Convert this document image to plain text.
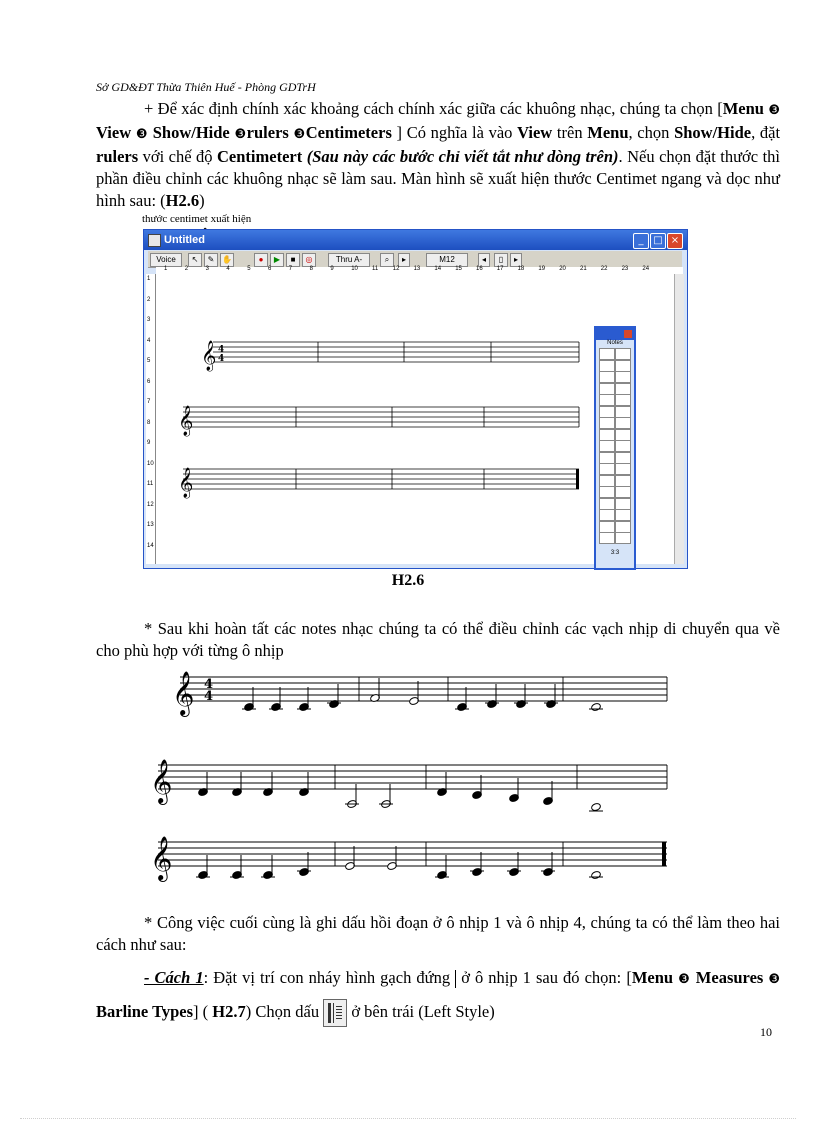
Sở GD&ĐT Thừa Thiên Huế - Phòng GDTrH
+ Để xác định chính xác khoảng cách chính xác giữa các khuông nhạc, chúng ta chọn [Menu ❸ View ❸ Show/Hide ❸rulers ❸Centimeters ] Có nghĩa là vào View trên Menu, chọn Show/Hide, đặt rulers với chế độ Centimetert (Sau này các bước chỉ viết tắt như dòng trên). Nếu chọn đặt thước thì phần điều chỉnh các khuông nhạc sẽ làm sau. Màn hình sẽ xuất hiện thước Centimet ngang và dọc như hình sau: (H2.6)
thước centimet xuất hiện
Untitled	_ □ ×
Voice	↖	✎ ✋	●	▶	■	◎	Thru A-	⌕	▸	M12	◂	▯	▸
1	2	3	4	5	6	7	8	9	10 11 12 13 14 15 16 17 18 19 20 21 22 23 24
1
2
3
4
5
6
7
8
9
10
11
12
13
14
𝄞 4
4
𝄞
𝄞
Notes
3:3
H2.6
* Sau khi hoàn tất các notes nhạc chúng ta có thể điều chỉnh các vạch nhịp di chuyển qua về cho phù hợp với từng ô nhịp
𝄞 4
4
𝄞
𝄞
* Công việc cuối cùng là ghi dấu hồi đoạn ở ô nhịp 1 và ô nhịp 4, chúng ta có thể làm theo hai cách như sau:
- Cách 1: Đặt vị trí con nháy hình gạch đứng  ở ô nhịp 1 sau đó chọn: [Menu ❸ Measures ❸ Barline Types] ( H2.7) Chọn dấu
ở bên trái (Left Style)
10
